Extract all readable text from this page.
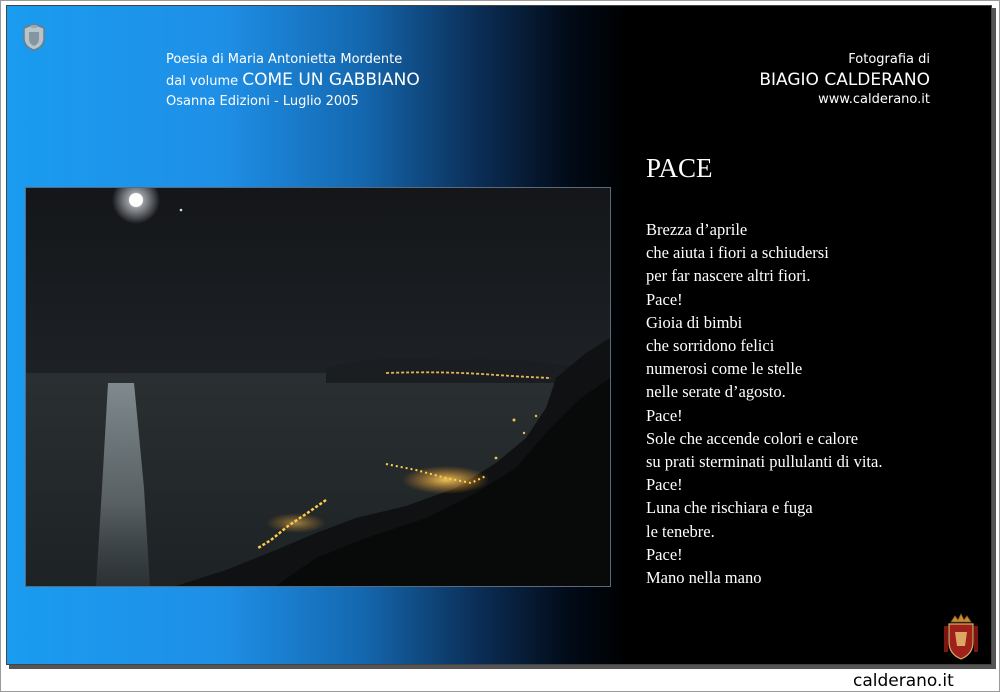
Poesia di Maria Antonietta Mordente
dal volume COME UN GABBIANO
Osanna Edizioni - Luglio 2005
Fotografia di
BIAGIO CALDERANO
www.calderano.it
PACE
Brezza d’aprile
che aiuta i fiori a schiudersi
per far nascere altri fiori.
Pace!
Gioia di bimbi
che sorridono felici
numerosi come le stelle
nelle serate d’agosto.
Pace!
Sole che accende colori e calore
su prati sterminati pullulanti di vita.
Pace!
Luna che rischiara e fuga
le tenebre.
Pace!
Mano nella mano
calderano.it
